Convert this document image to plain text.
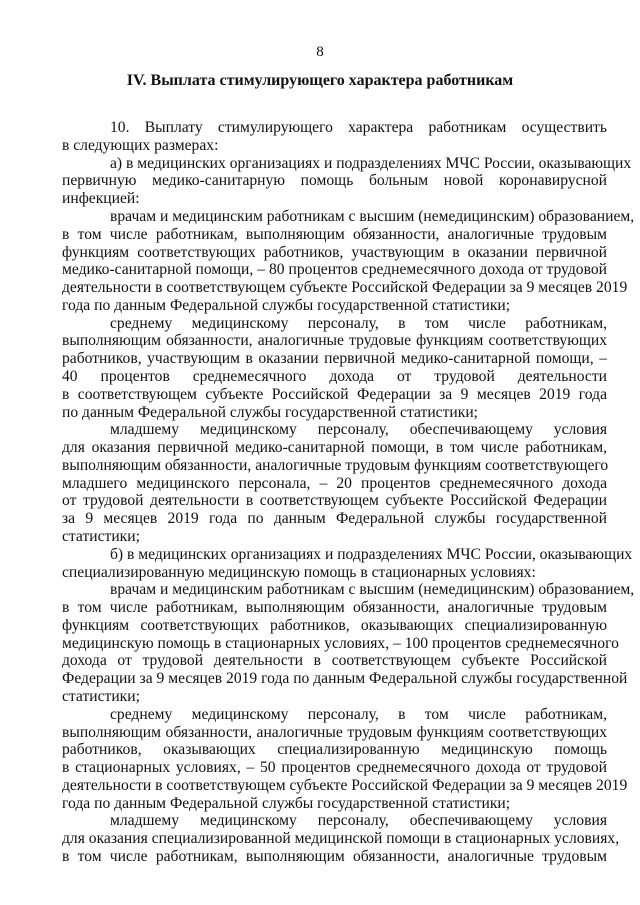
8
IV. Выплата стимулирующего характера работникам
10. Выплату стимулирующего характера работникам осуществить
в следующих размерах:
а) в медицинских организациях и подразделениях МЧС России, оказывающих
первичную медико-санитарную помощь больным новой коронавирусной
инфекцией:
врачам и медицинским работникам с высшим (немедицинским) образованием,
в том числе работникам, выполняющим обязанности, аналогичные трудовым
функциям соответствующих работников, участвующим в оказании первичной
медико-санитарной помощи, – 80 процентов среднемесячного дохода от трудовой
деятельности в соответствующем субъекте Российской Федерации за 9 месяцев 2019
года по данным Федеральной службы государственной статистики;
среднему медицинскому персоналу, в том числе работникам,
выполняющим обязанности, аналогичные трудовые функциям соответствующих
работников, участвующим в оказании первичной медико-санитарной помощи, –
40 процентов среднемесячного дохода от трудовой деятельности
в соответствующем субъекте Российской Федерации за 9 месяцев 2019 года
по данным Федеральной службы государственной статистики;
младшему медицинскому персоналу, обеспечивающему условия
для оказания первичной медико-санитарной помощи, в том числе работникам,
выполняющим обязанности, аналогичные трудовым функциям соответствующего
младшего медицинского персонала, – 20 процентов среднемесячного дохода
от трудовой деятельности в соответствующем субъекте Российской Федерации
за 9 месяцев 2019 года по данным Федеральной службы государственной
статистики;
б) в медицинских организациях и подразделениях МЧС России, оказывающих
специализированную медицинскую помощь в стационарных условиях:
врачам и медицинским работникам с высшим (немедицинским) образованием,
в том числе работникам, выполняющим обязанности, аналогичные трудовым
функциям соответствующих работников, оказывающих специализированную
медицинскую помощь в стационарных условиях, – 100 процентов среднемесячного
дохода от трудовой деятельности в соответствующем субъекте Российской
Федерации за 9 месяцев 2019 года по данным Федеральной службы государственной
статистики;
среднему медицинскому персоналу, в том числе работникам,
выполняющим обязанности, аналогичные трудовым функциям соответствующих
работников, оказывающих специализированную медицинскую помощь
в стационарных условиях, – 50 процентов среднемесячного дохода от трудовой
деятельности в соответствующем субъекте Российской Федерации за 9 месяцев 2019
года по данным Федеральной службы государственной статистики;
младшему медицинскому персоналу, обеспечивающему условия
для оказания специализированной медицинской помощи в стационарных условиях,
в том числе работникам, выполняющим обязанности, аналогичные трудовым
